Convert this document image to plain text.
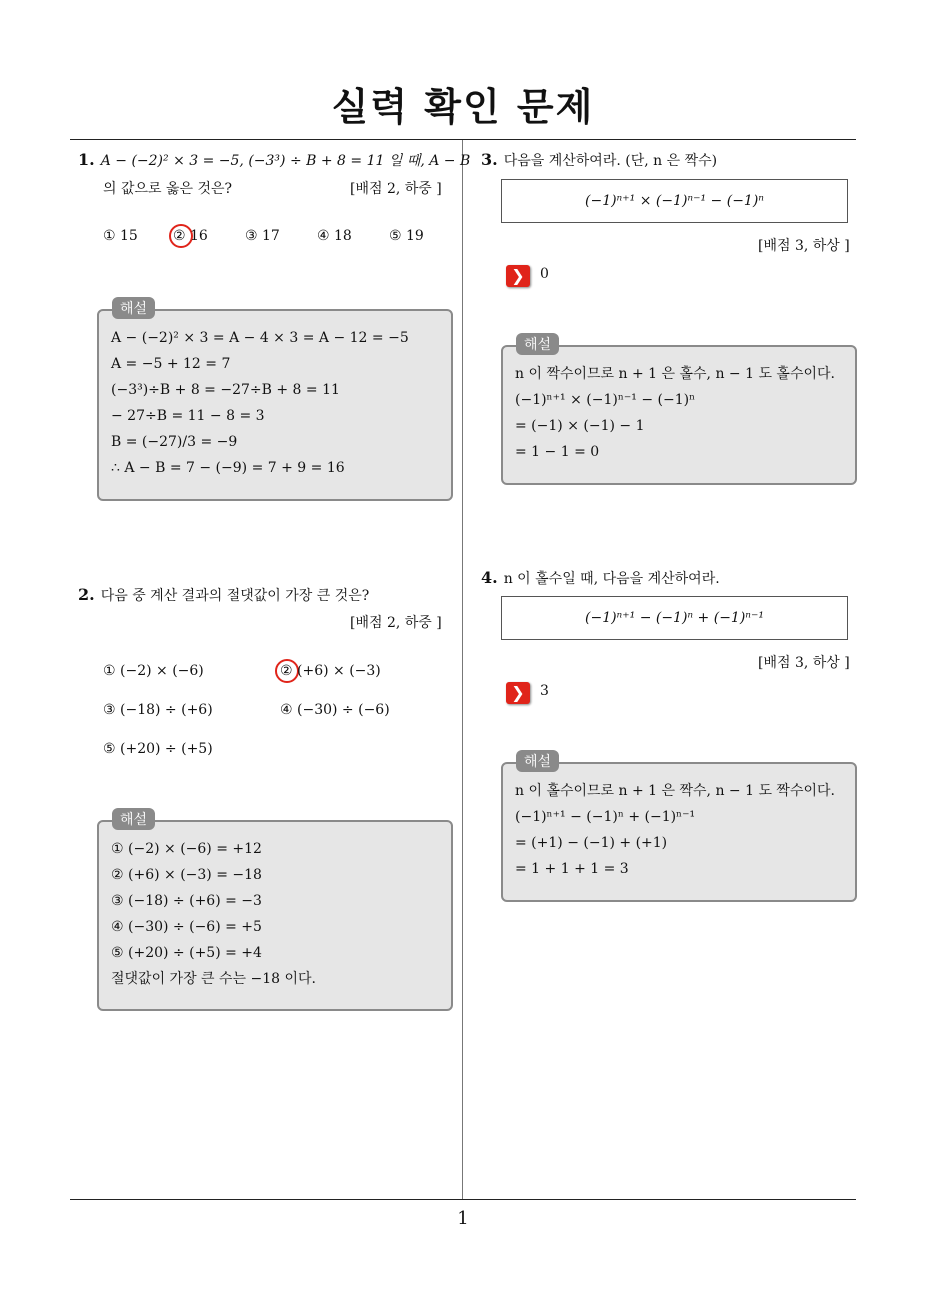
실력 확인 문제
1. A − (−2)² × 3 = −5, (−3³) ÷ B + 8 = 11 일 때, A − B
의 값으로 옳은 것은?	[배점 2, 하중 ]
① 15	② 16	③ 17	④ 18	⑤ 19
A − (−2)² × 3 = A − 4 × 3 = A − 12 = −5
A = −5 + 12 = 7
(−3³)÷B + 8 = −27÷B + 8 = 11
− 27÷B = 11 − 8 = 3
B = (−27)/3 = −9
∴ A − B = 7 − (−9) = 7 + 9 = 16
해설
2. 다음 중 계산 결과의 절댓값이 가장 큰 것은?
[배점 2, 하중 ]
① (−2) × (−6)	② (+6) × (−3)
③ (−18) ÷ (+6)	④ (−30) ÷ (−6)
⑤ (+20) ÷ (+5)
① (−2) × (−6) = +12
② (+6) × (−3) = −18
③ (−18) ÷ (+6) = −3
④ (−30) ÷ (−6) = +5
⑤ (+20) ÷ (+5) = +4
절댓값이 가장 큰 수는 −18 이다.
해설
3. 다음을 계산하여라. (단, n 은 짝수)
(−1)ⁿ⁺¹ × (−1)ⁿ⁻¹ − (−1)ⁿ
[배점 3, 하상 ]
❯	0
n 이 짝수이므로 n + 1 은 홀수, n − 1 도 홀수이다.
(−1)ⁿ⁺¹ × (−1)ⁿ⁻¹ − (−1)ⁿ
= (−1) × (−1) − 1
= 1 − 1 = 0
해설
4. n 이 홀수일 때, 다음을 계산하여라.
(−1)ⁿ⁺¹ − (−1)ⁿ + (−1)ⁿ⁻¹
[배점 3, 하상 ]
❯	3
n 이 홀수이므로 n + 1 은 짝수, n − 1 도 짝수이다.
(−1)ⁿ⁺¹ − (−1)ⁿ + (−1)ⁿ⁻¹
= (+1) − (−1) + (+1)
= 1 + 1 + 1 = 3
해설
1
